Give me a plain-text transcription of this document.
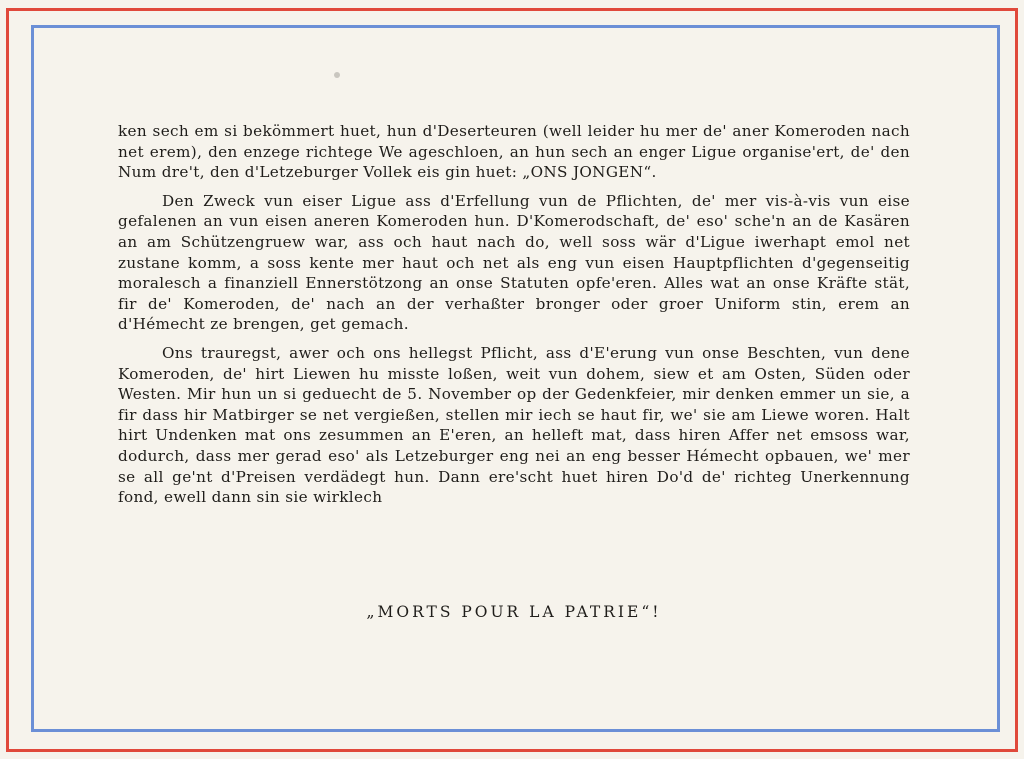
ken sech em si bekömmert huet, hun d'Deserteuren (well leider hu mer de' aner Komeroden nach net erem), den enzege richtege We ageschloen, an hun sech an enger Ligue organise'ert, de' den Num dre't, den d'Letzeburger Vollek eis gin huet: „ONS JONGEN“.

Den Zweck vun eiser Ligue ass d'Erfellung vun de Pflichten, de' mer vis-à-vis vun eise gefalenen an vun eisen aneren Komeroden hun. D'Komerodschaft, de' eso' sche'n an de Kasären an am Schützengruew war, ass och haut nach do, well soss wär d'Ligue iwerhapt emol net zustane komm, a soss kente mer haut och net als eng vun eisen Hauptpflichten d'gegenseitig moralesch a finanziell Ennerstötzong an onse Statuten opfe'eren. Alles wat an onse Kräfte stät, fir de' Komeroden, de' nach an der verhaßter bronger oder groer Uniform stin, erem an d'Hémecht ze brengen, get gemach.

Ons trauregst, awer och ons hellegst Pflicht, ass d'E'erung vun onse Beschten, vun dene Komeroden, de' hirt Liewen hu misste loßen, weit vun dohem, siew et am Osten, Süden oder Westen. Mir hun un si geduecht de 5. November op der Gedenkfeier, mir denken emmer un sie, a fir dass hir Matbirger se net vergießen, stellen mir iech se haut fir, we' sie am Liewe woren. Halt hirt Undenken mat ons zesummen an E'eren, an helleft mat, dass hiren Affer net emsoss war, dodurch, dass mer gerad eso' als Letzeburger eng nei an eng besser Hémecht opbauen, we' mer se all ge'nt d'Preisen verdädegt hun. Dann ere'scht huet hiren Do'd de' richteg Unerkennung fond, ewell dann sin sie wirklech

„MORTS POUR LA PATRIE“!
